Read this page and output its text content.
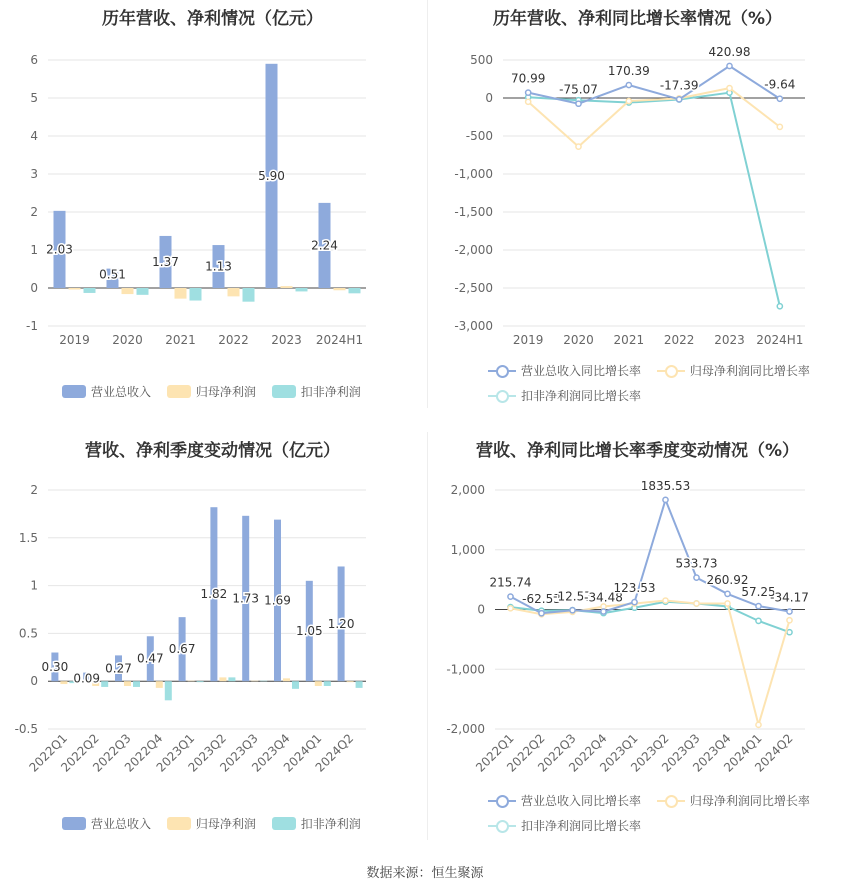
历年营收、净利情况（亿元）
6
5
4
3
2
1
0
-1
2019 2020 2021 2022 2023 2024H1
2.03
0.51
1.37 1.13
5.90
2.24
营业总收入
	归母净利润
	扣非净利润
历年营收、净利同比增长率情况（%）
500
0
-500
-1,000
-1,500
-2,000
-2,500
-3,000
2019 2020 2021 2022 2023 2024H1
70.99
-75.07
170.39
-17.39
420.98
-9.64
营业总收入同比增长率
	归母净利润同比增长率

扣非净利润同比增长率
营收、净利季度变动情况（亿元）
2
1.5
1
0.5
0
-0.5
2022Q1
2022Q2
2022Q3
2022Q4
2023Q1
2023Q2
2023Q3
2023Q4
2024Q1
2024Q2
0.30
0.09
0.27
0.47
0.67
1.82 1.73 1.69
1.05
1.20
营业总收入
	归母净利润
	扣非净利润
营收、净利同比增长率季度变动情况（%）
2,000
1,000
0
-1,000
-2,000
2022Q1
2022Q2
2022Q3
2022Q4
2023Q1
2023Q2
2023Q3
2023Q4
2024Q1
2024Q2
215.74
-62.53
-12.57
-34.48
123.53
1835.53
533.73
260.92
57.25
-34.17
营业总收入同比增长率
	归母净利润同比增长率

扣非净利润同比增长率
数据来源：恒生聚源
